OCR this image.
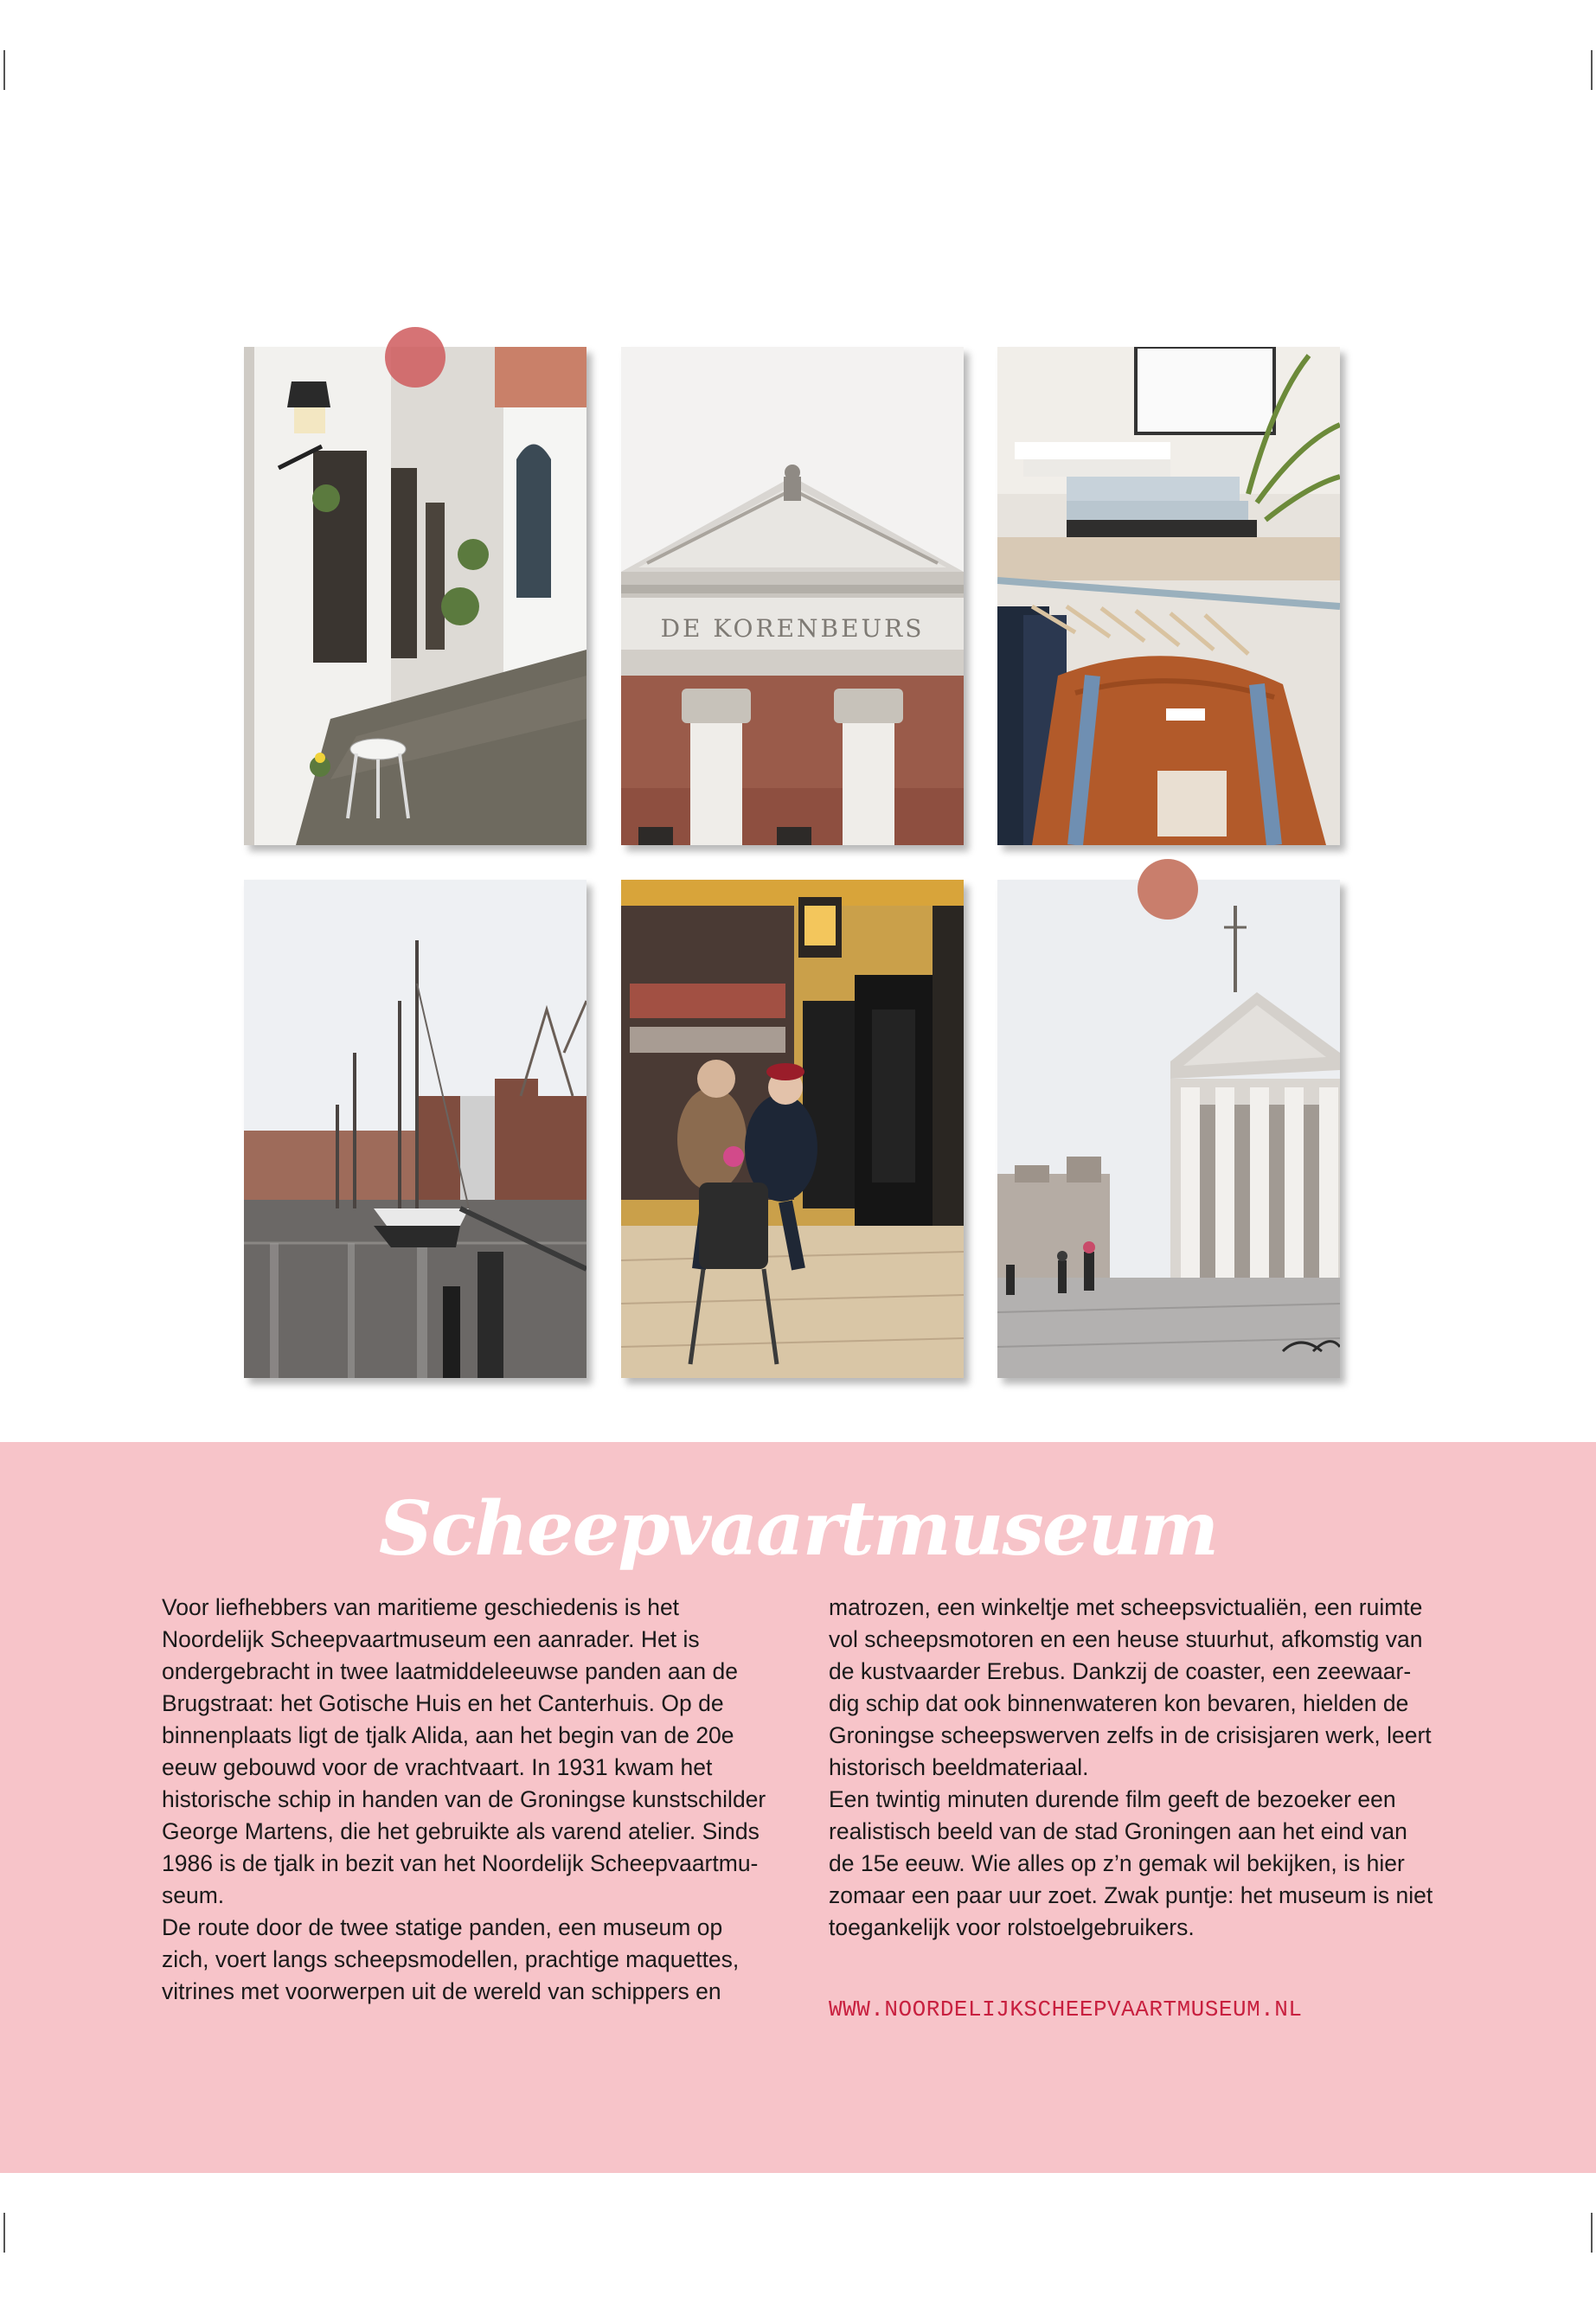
DE KORENBEURS
Scheepvaartmuseum

Voor liefhebbers van maritieme geschiedenis is het

Noordelijk Scheepvaartmuseum een aanrader. Het is

ondergebracht in twee laatmiddeleeuwse panden aan de

Brugstraat: het Gotische Huis en het Canterhuis. Op de

binnenplaats ligt de tjalk Alida, aan het begin van de 20e

eeuw gebouwd voor de vrachtvaart. In 1931 kwam het

historische schip in handen van de Groningse kunstschilder

George Martens, die het gebruikte als varend atelier. Sinds

1986 is de tjalk in bezit van het Noordelijk Scheepvaartmu-

seum.

De route door de twee statige panden, een museum op

zich, voert langs scheepsmodellen, prachtige maquettes,

vitrines met voorwerpen uit de wereld van schippers en

matrozen, een winkeltje met scheepsvictualiën, een ruimte

vol scheepsmotoren en een heuse stuurhut, afkomstig van

de kustvaarder Erebus. Dankzij de coaster, een zeewaar-

dig schip dat ook binnenwateren kon bevaren, hielden de

Groningse scheepswerven zelfs in de crisisjaren werk, leert

historisch beeldmateriaal.

Een twintig minuten durende film geeft de bezoeker een

realistisch beeld van de stad Groningen aan het eind van

de 15e eeuw. Wie alles op z’n gemak wil bekijken, is hier

zomaar een paar uur zoet. Zwak puntje: het museum is niet

toegankelijk voor rolstoelgebruikers.

WWW.NOORDELIJKSCHEEPVAARTMUSEUM.NL
